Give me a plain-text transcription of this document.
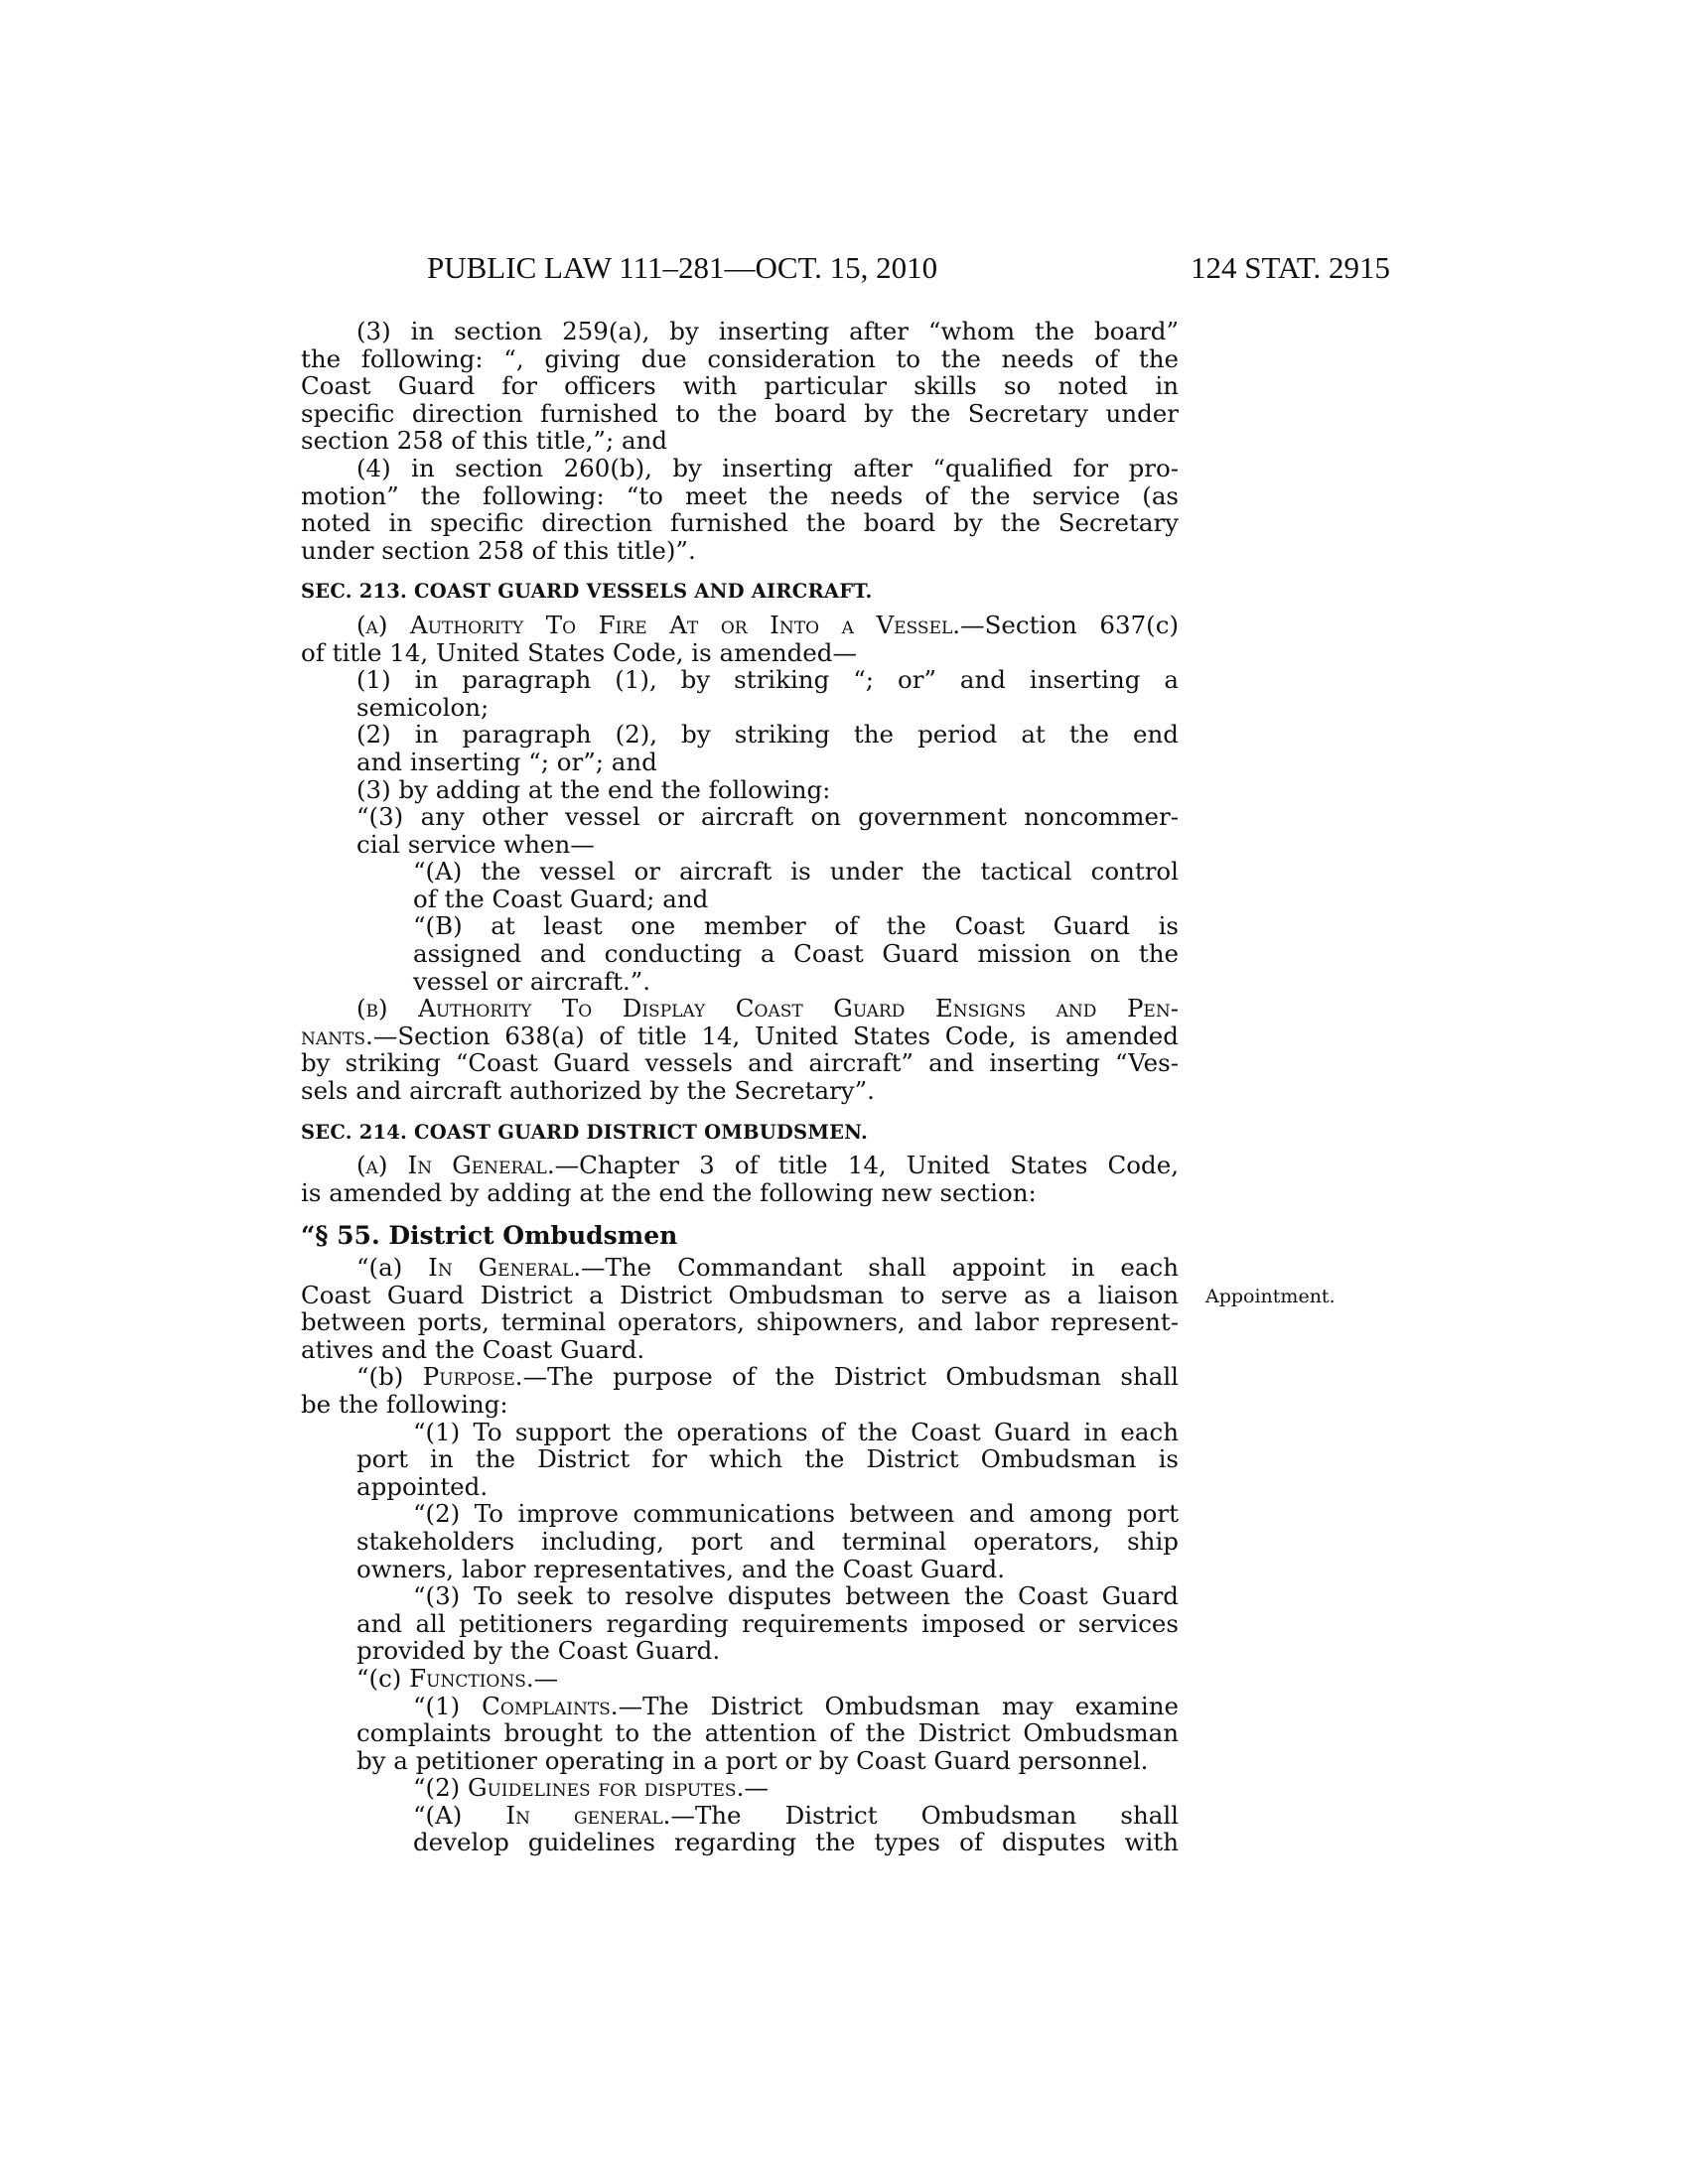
PUBLIC LAW 111–281—OCT. 15, 2010	124 STAT. 2915
Appointment.
(3) in section 259(a), by inserting after “whom the board”
the following: “, giving due consideration to the needs of the
Coast Guard for officers with particular skills so noted in
specific direction furnished to the board by the Secretary under
section 258 of this title,”; and
(4) in section 260(b), by inserting after “qualified for pro-
motion” the following: “to meet the needs of the service (as
noted in specific direction furnished the board by the Secretary
under section 258 of this title)”.
SEC. 213. COAST GUARD VESSELS AND AIRCRAFT.
(a) Authority To Fire At or Into a Vessel.—Section 637(c)
of title 14, United States Code, is amended—
(1) in paragraph (1), by striking “; or” and inserting a
semicolon;
(2) in paragraph (2), by striking the period at the end
and inserting “; or”; and
(3) by adding at the end the following:
“(3) any other vessel or aircraft on government noncommer-
cial service when—
“(A) the vessel or aircraft is under the tactical control
of the Coast Guard; and
“(B) at least one member of the Coast Guard is
assigned and conducting a Coast Guard mission on the
vessel or aircraft.”.
(b) Authority To Display Coast Guard Ensigns and Pen-
nants.—Section 638(a) of title 14, United States Code, is amended
by striking “Coast Guard vessels and aircraft” and inserting “Ves-
sels and aircraft authorized by the Secretary”.
SEC. 214. COAST GUARD DISTRICT OMBUDSMEN.
(a) In General.—Chapter 3 of title 14, United States Code,
is amended by adding at the end the following new section:
“§ 55. District Ombudsmen
“(a) In General.—The Commandant shall appoint in each
Coast Guard District a District Ombudsman to serve as a liaison
between ports, terminal operators, shipowners, and labor represent-
atives and the Coast Guard.
“(b) Purpose.—The purpose of the District Ombudsman shall
be the following:
“(1) To support the operations of the Coast Guard in each
port in the District for which the District Ombudsman is
appointed.
“(2) To improve communications between and among port
stakeholders including, port and terminal operators, ship
owners, labor representatives, and the Coast Guard.
“(3) To seek to resolve disputes between the Coast Guard
and all petitioners regarding requirements imposed or services
provided by the Coast Guard.
“(c) Functions.—
“(1) Complaints.—The District Ombudsman may examine
complaints brought to the attention of the District Ombudsman
by a petitioner operating in a port or by Coast Guard personnel.
“(2) Guidelines for disputes.—
“(A) In general.—The District Ombudsman shall
develop guidelines regarding the types of disputes with
